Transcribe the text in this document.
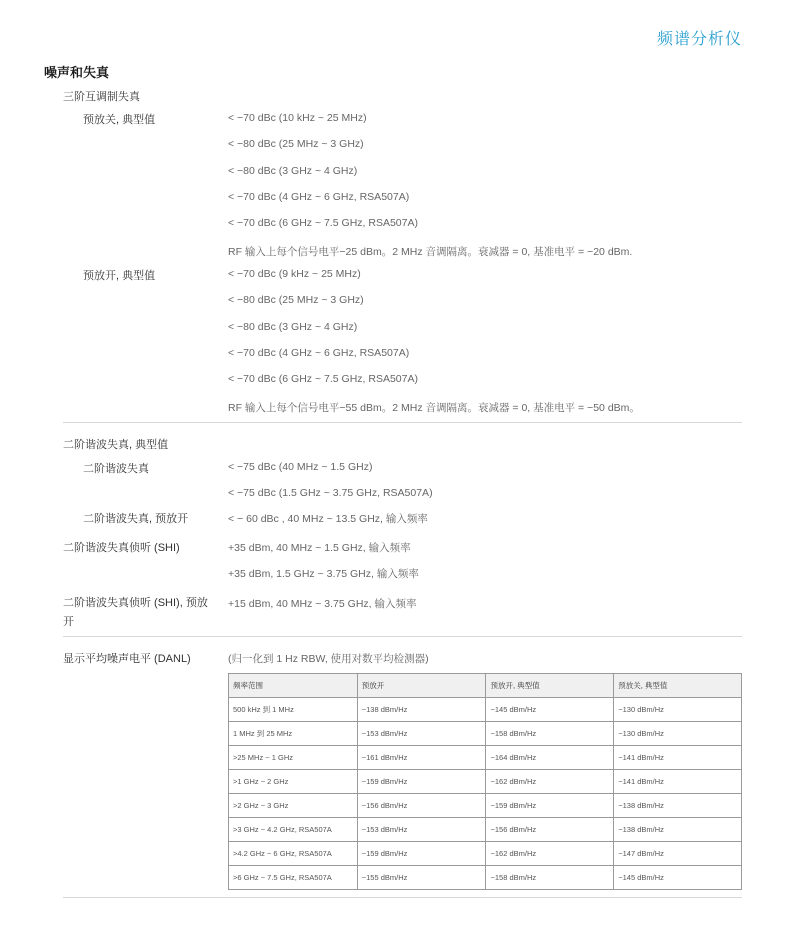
频谱分析仪
噪声和失真
三阶互调制失真
预放关, 典型值	< −70 dBc (10 kHz ~ 25 MHz)
< −80 dBc (25 MHz ~ 3 GHz)
< −80 dBc (3 GHz ~ 4 GHz)
< −70 dBc (4 GHz ~ 6 GHz, RSA507A)
< −70 dBc (6 GHz ~ 7.5 GHz, RSA507A)
RF 输入上每个信号电平−25 dBm。2 MHz 音调隔离。衰减器 = 0, 基准电平 = −20 dBm.
预放开, 典型值	< −70 dBc (9 kHz ~ 25 MHz)
< −80 dBc (25 MHz ~ 3 GHz)
< −80 dBc (3 GHz ~ 4 GHz)
< −70 dBc (4 GHz ~ 6 GHz, RSA507A)
< −70 dBc (6 GHz ~ 7.5 GHz, RSA507A)
RF 输入上每个信号电平−55 dBm。2 MHz 音调隔离。衰减器 = 0, 基准电平 = −50 dBm。
二阶谐波失真, 典型值
二阶谐波失真	< −75 dBc (40 MHz ~ 1.5 GHz)
< −75 dBc (1.5 GHz ~ 3.75 GHz, RSA507A)
二阶谐波失真, 预放开	< − 60 dBc , 40 MHz ~ 13.5 GHz, 输入频率
二阶谐波失真侦听 (SHI)	+35 dBm, 40 MHz ~ 1.5 GHz, 输入频率
+35 dBm, 1.5 GHz ~ 3.75 GHz, 输入频率
二阶谐波失真侦听 (SHI), 预放开
+15 dBm, 40 MHz ~ 3.75 GHz, 输入频率
显示平均噪声电平 (DANL)	(归一化到 1 Hz RBW, 使用对数平均检测器)
频率范围	预放开	预放开, 典型值	预放关, 典型值
500 kHz 到 1 MHz	−138 dBm/Hz	−145 dBm/Hz	−130 dBm/Hz
1 MHz 到 25 MHz	−153 dBm/Hz	−158 dBm/Hz	−130 dBm/Hz
>25 MHz ~ 1 GHz	−161 dBm/Hz	−164 dBm/Hz	−141 dBm/Hz
>1 GHz ~ 2 GHz	−159 dBm/Hz	−162 dBm/Hz	−141 dBm/Hz
>2 GHz ~ 3 GHz	−156 dBm/Hz	−159 dBm/Hz	−138 dBm/Hz
>3 GHz ~ 4.2 GHz, RSA507A	−153 dBm/Hz	−156 dBm/Hz	−138 dBm/Hz
>4.2 GHz ~ 6 GHz, RSA507A	−159 dBm/Hz	−162 dBm/Hz	−147 dBm/Hz
>6 GHz ~ 7.5 GHz, RSA507A	−155 dBm/Hz	−158 dBm/Hz	−145 dBm/Hz
